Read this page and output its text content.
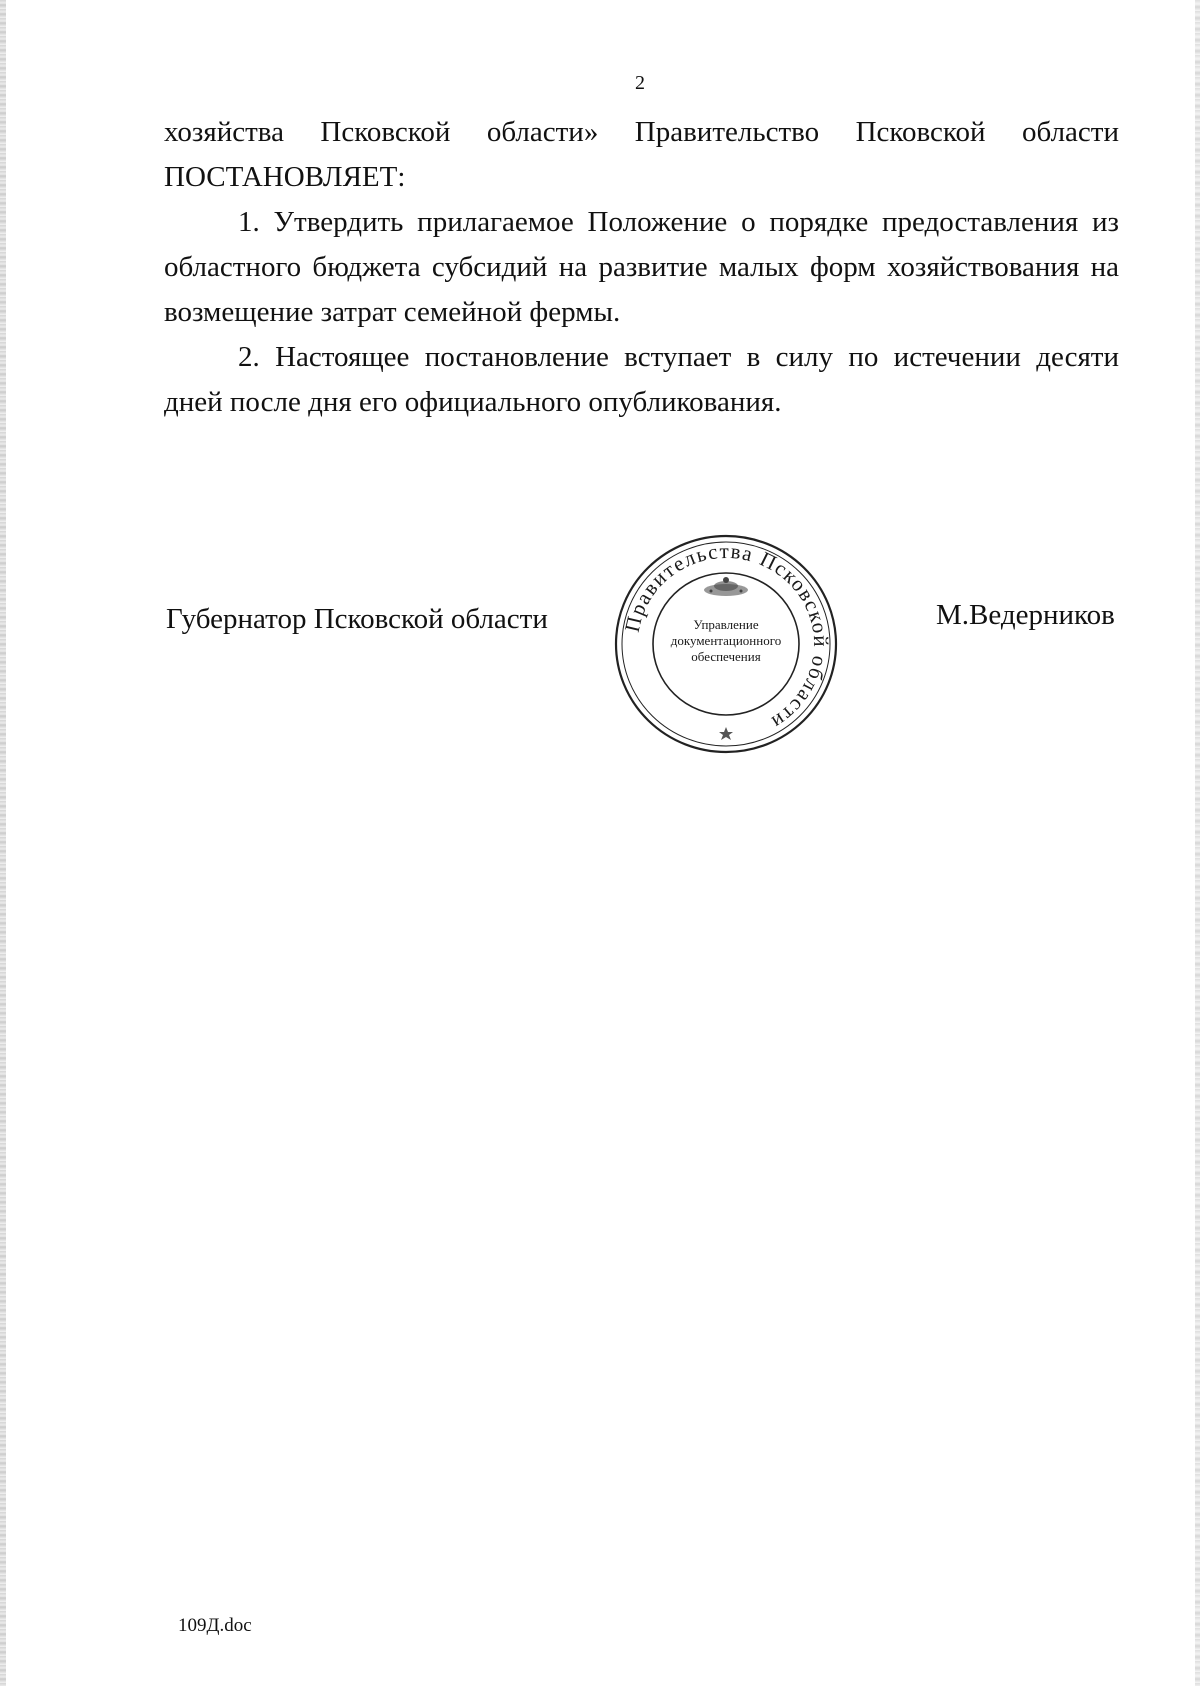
2

хозяйства Псковской области» Правительство Псковской области ПОСТАНОВЛЯЕТ:

1. Утвердить прилагаемое Положение о порядке предоставления из областного бюджета субсидий на развитие малых форм хозяйствования на возмещение затрат семейной фермы.

2. Настоящее постановление вступает в силу по истечении десяти дней после дня его официального опубликования.

Губернатор Псковской области	Правительства Псковской области
Управление
документационного
обеспечения
М.Ведерников
109Д.doc
